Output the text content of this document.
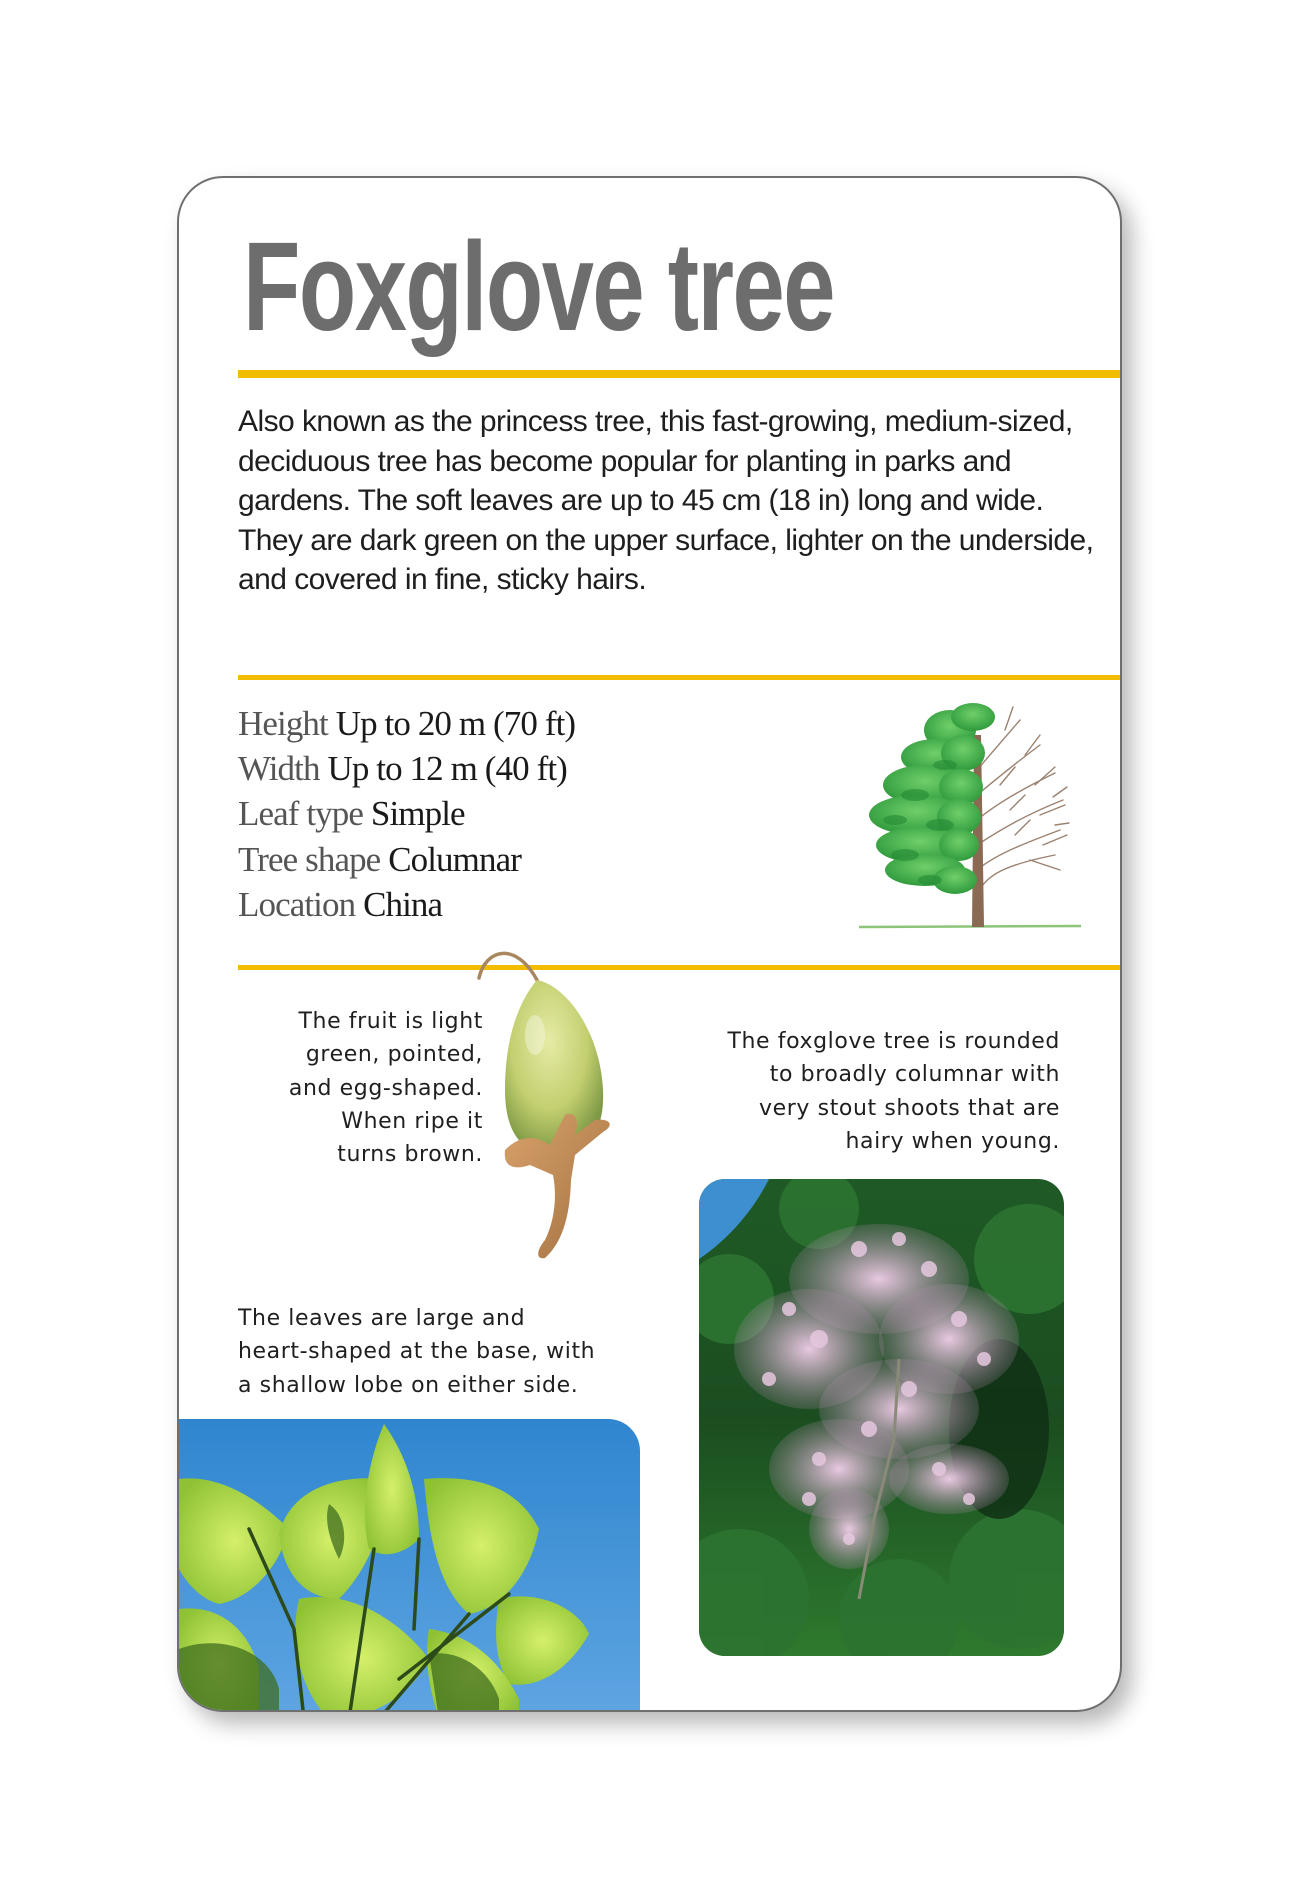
Foxglove tree

Also known as the princess tree, this fast-growing, medium-sized, deciduous tree has become popular for planting in parks and gardens. The soft leaves are up to 45 cm (18 in) long and wide. They are dark green on the upper surface, lighter on the underside, and covered in fine, sticky hairs.

Height Up to 20 m (70 ft)
Width Up to 12 m (40 ft)
Leaf type Simple
Tree shape Columnar
Location China

The fruit is light
green, pointed,
and egg-shaped.
When ripe it
turns brown.

The foxglove tree is rounded
to broadly columnar with
very stout shoots that are
hairy when young.

The leaves are large and
heart-shaped at the base, with
a shallow lobe on either side.
